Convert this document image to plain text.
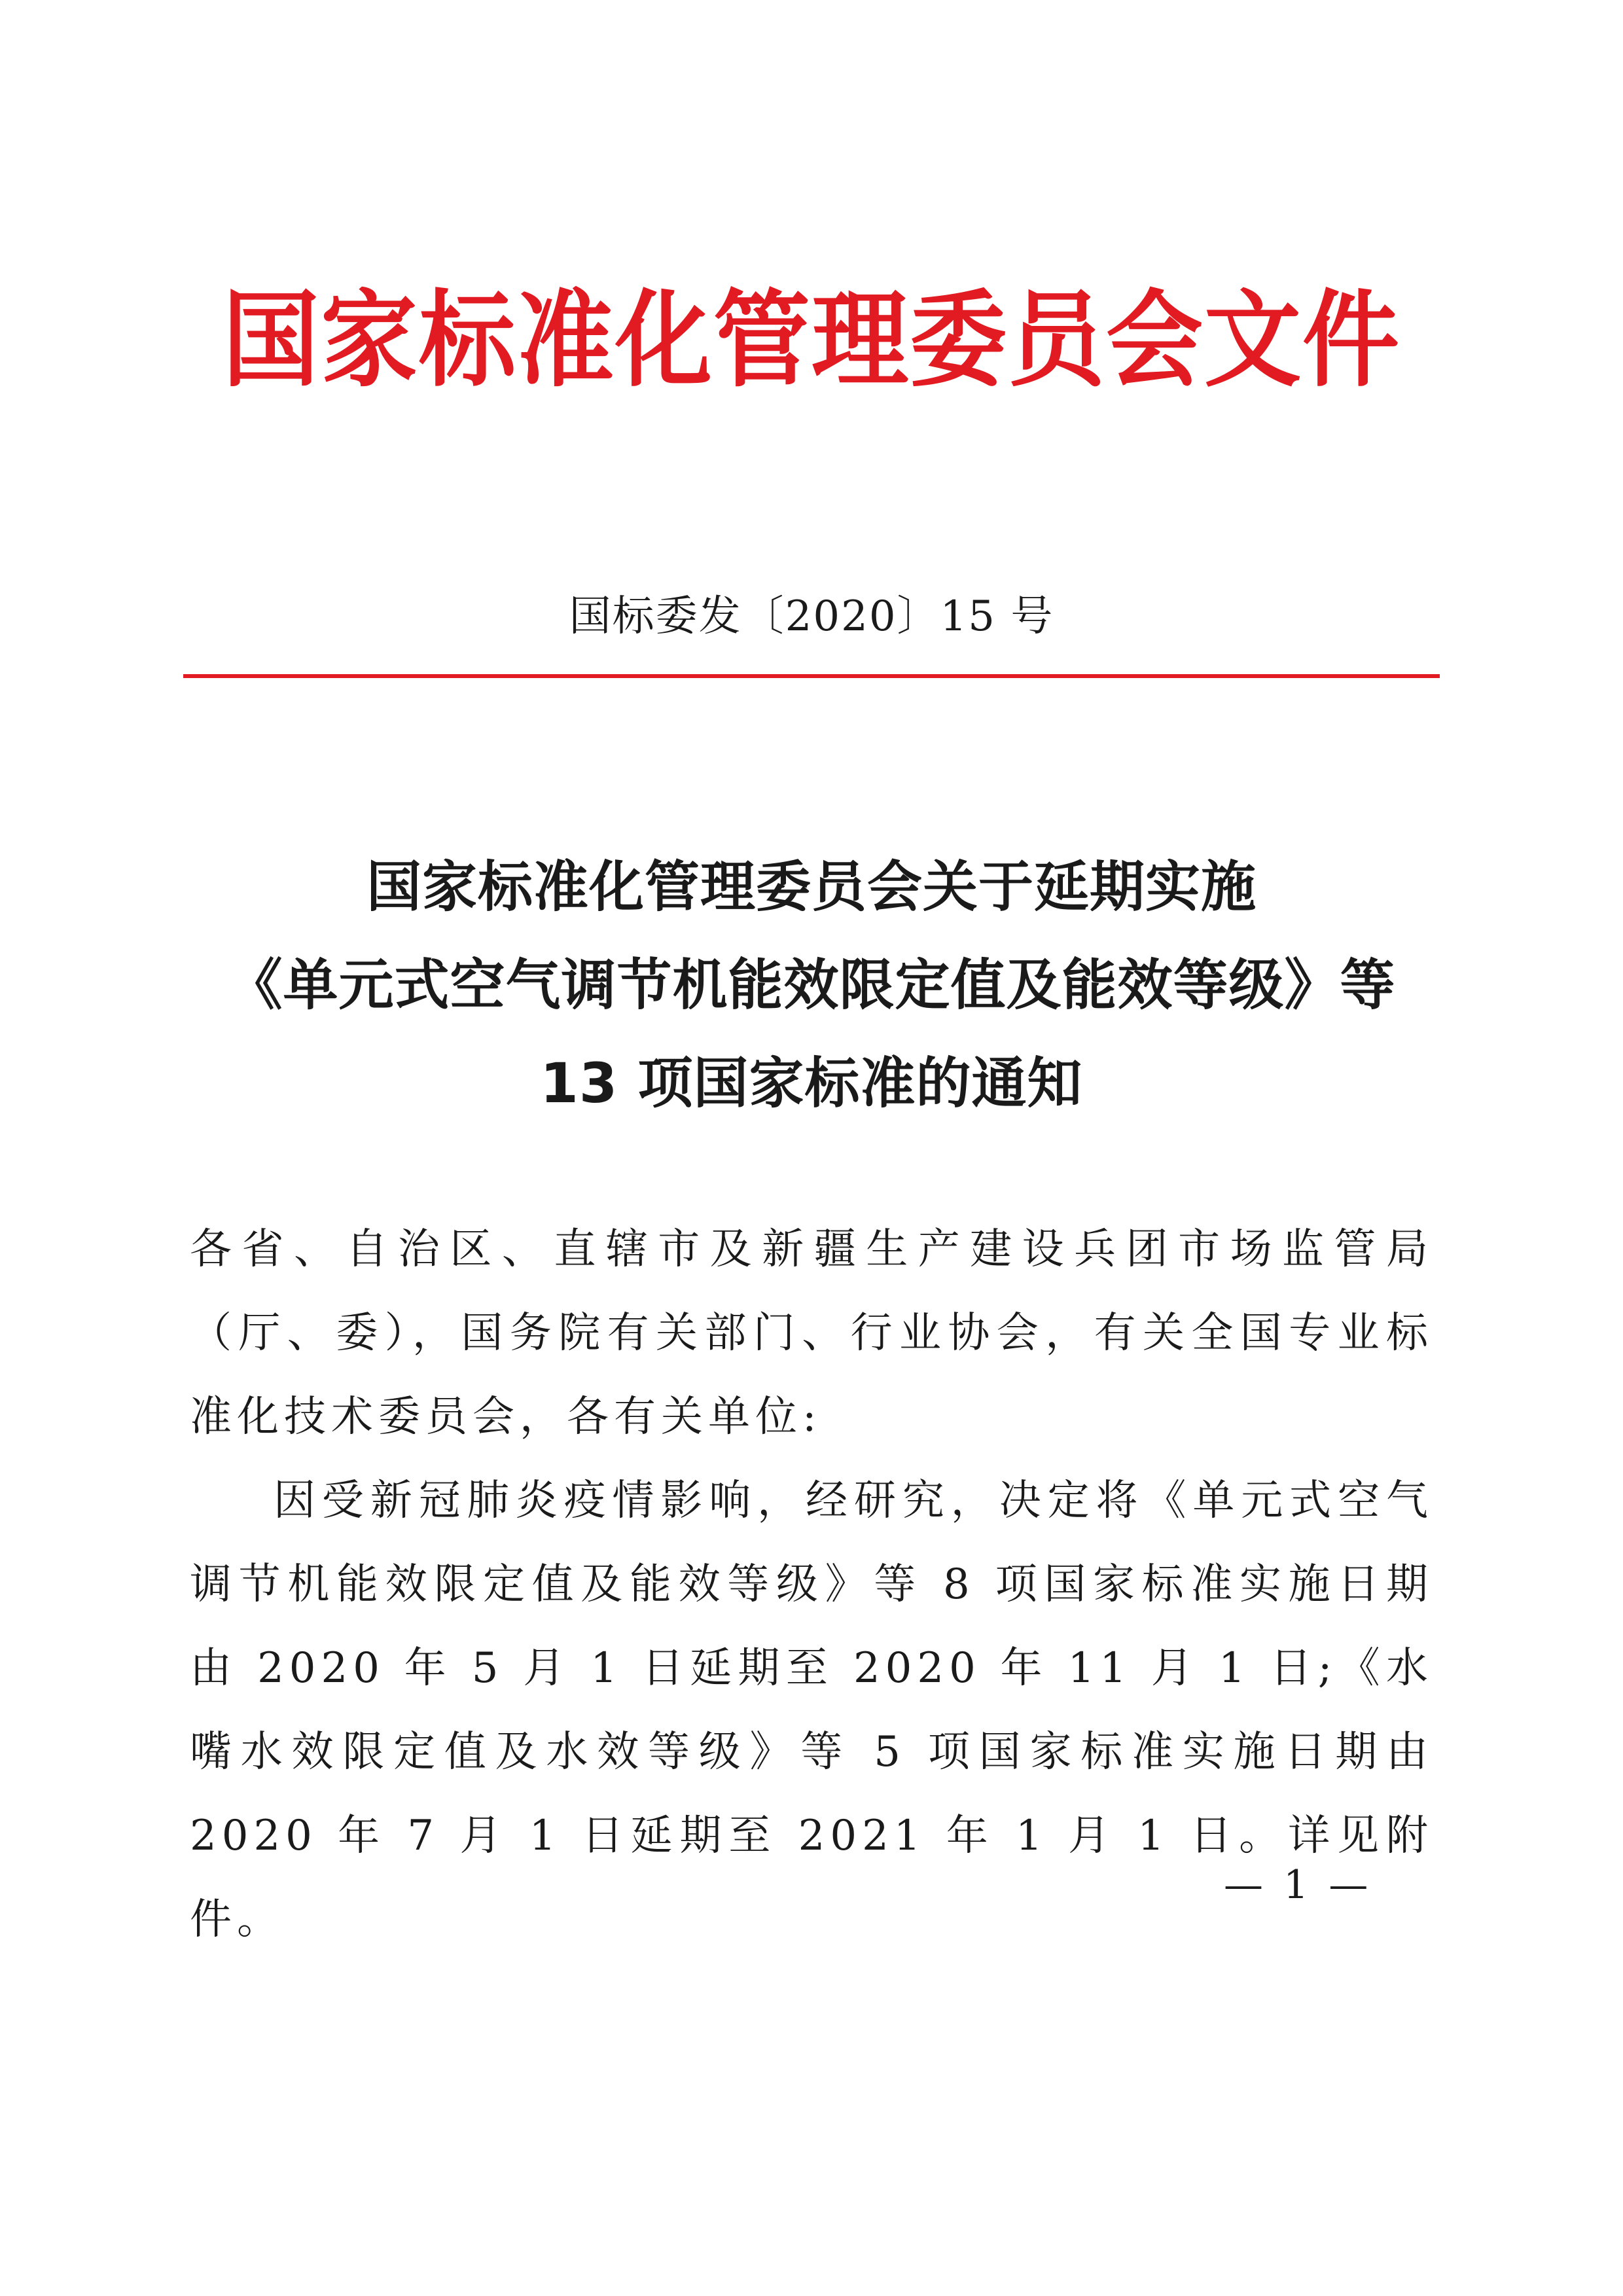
国家标准化管理委员会文件
国标委发〔2020〕15 号
国家标准化管理委员会关于延期实施
《单元式空气调节机能效限定值及能效等级》等
13 项国家标准的通知
各省、自治区、直辖市及新疆生产建设兵团市场监管局（厅、委），国务院有关部门、行业协会，有关全国专业标准化技术委员会，各有关单位:
因受新冠肺炎疫情影响，经研究，决定将《单元式空气调节机能效限定值及能效等级》等 8 项国家标准实施日期由 2020 年 5 月 1 日延期至 2020 年 11 月 1 日;《水嘴水效限定值及水效等级》等 5 项国家标准实施日期由 2020 年 7 月 1 日延期至 2021 年 1 月 1 日。详见附件。
— 1 —
